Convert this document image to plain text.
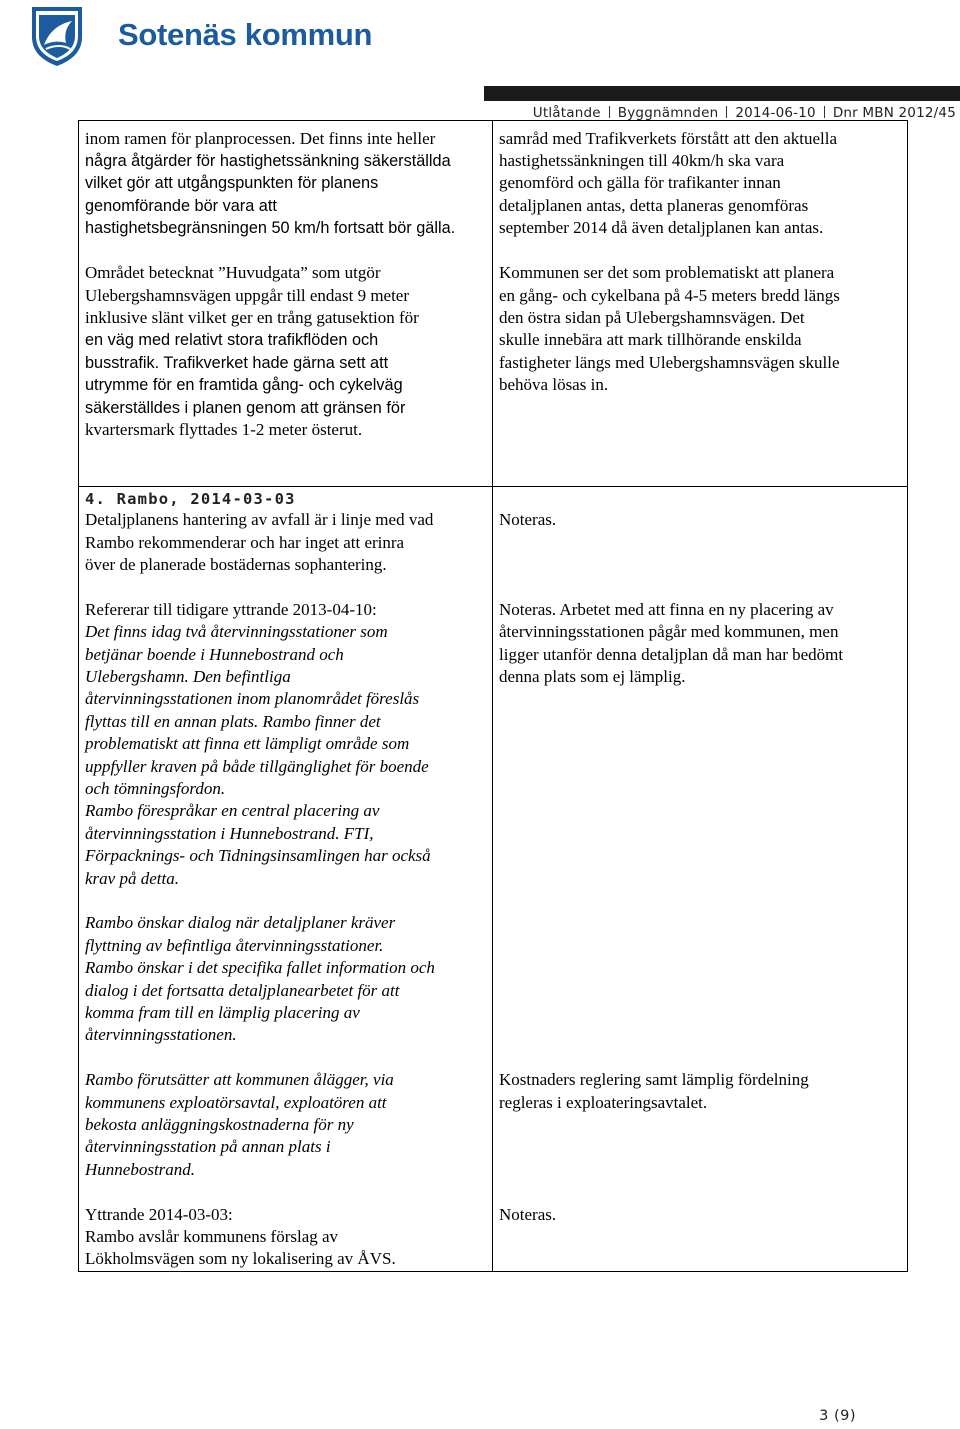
Sotenäs kommun
Utlåtande Byggnämnden 2014-06-10 Dnr MBN 2012/45
inom ramen för planprocessen. Det finns inte heller
några åtgärder för hastighetssänkning säkerställda
vilket gör att utgångspunkten för planens
genomförande bör vara att
hastighetsbegränsningen 50 km/h fortsatt bör gälla.
Området betecknat ”Huvudgata” som utgör
Ulebergshamnsvägen uppgår till endast 9 meter
inklusive slänt vilket ger en trång gatusektion för
en väg med relativt stora trafikflöden och
busstrafik. Trafikverket hade gärna sett att
utrymme för en framtida gång- och cykelväg
säkerställdes i planen genom att gränsen för
kvartersmark flyttades 1-2 meter österut.
samråd med Trafikverkets förstått att den aktuella
hastighetssänkningen till 40km/h ska vara
genomförd och gälla för trafikanter innan
detaljplanen antas, detta planeras genomföras
september 2014 då även detaljplanen kan antas.
Kommunen ser det som problematiskt att planera
en gång- och cykelbana på 4-5 meters bredd längs
den östra sidan på Ulebergshamnsvägen. Det
skulle innebära att mark tillhörande enskilda
fastigheter längs med Ulebergshamnsvägen skulle
behöva lösas in.
4. Rambo, 2014-03-03
Detaljplanens hantering av avfall är i linje med vad
Rambo rekommenderar och har inget att erinra
över de planerade bostädernas sophantering.
Refererar till tidigare yttrande 2013-04-10:
Det finns idag två återvinningsstationer som
betjänar boende i Hunnebostrand och
Ulebergshamn. Den befintliga
återvinningsstationen inom planområdet föreslås
flyttas till en annan plats. Rambo finner det
problematiskt att finna ett lämpligt område som
uppfyller kraven på både tillgänglighet för boende
och tömningsfordon.
Rambo förespråkar en central placering av
återvinningsstation i Hunnebostrand. FTI,
Förpacknings- och Tidningsinsamlingen har också
krav på detta.
Rambo önskar dialog när detaljplaner kräver
flyttning av befintliga återvinningsstationer.
Rambo önskar i det specifika fallet information och
dialog i det fortsatta detaljplanearbetet för att
komma fram till en lämplig placering av
återvinningsstationen.
Rambo förutsätter att kommunen ålägger, via
kommunens exploatörsavtal, exploatören att
bekosta anläggningskostnaderna för ny
återvinningsstation på annan plats i
Hunnebostrand.
Yttrande 2014-03-03:
Rambo avslår kommunens förslag av
Lökholmsvägen som ny lokalisering av ÅVS.
Noteras.
Noteras. Arbetet med att finna en ny placering av
återvinningsstationen pågår med kommunen, men
ligger utanför denna detaljplan då man har bedömt
denna plats som ej lämplig.
Kostnaders reglering samt lämplig fördelning
regleras i exploateringsavtalet.
Noteras.
3 (9)
